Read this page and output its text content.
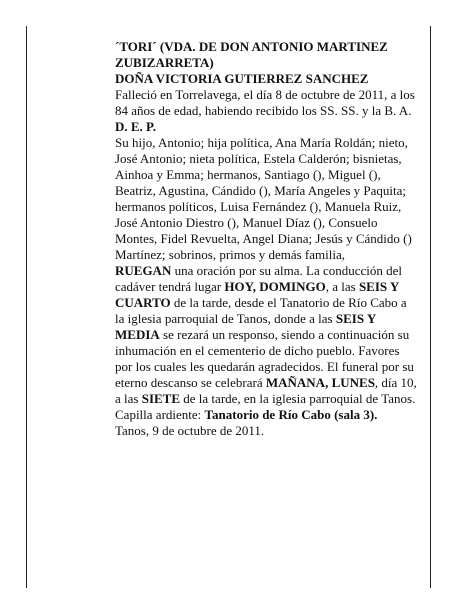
´TORI´ (VDA. DE DON ANTONIO MARTINEZ ZUBIZARRETA)

DOÑA VICTORIA GUTIERREZ SANCHEZ

Falleció en Torrelavega, el día 8 de octubre de 2011, a los 84 años de edad, habiendo recibido los SS. SS. y la B. A.

D. E. P.

Su hijo, Antonio; hija política, Ana María Roldán; nieto, José Antonio; nieta política, Estela Calderón; bisnietas, Ainhoa y Emma; hermanos, Santiago (), Miguel (), Beatriz, Agustina, Cándido (), María Angeles y Paquita; hermanos políticos, Luisa Fernández (), Manuela Ruiz, José Antonio Diestro (), Manuel Díaz (), Consuelo Montes, Fidel Revuelta, Angel Diana; Jesús y Cándido () Martínez; sobrinos, primos y demás familia,

RUEGAN una oración por su alma. La conducción del cadáver tendrá lugar HOY, DOMINGO, a las SEIS Y CUARTO de la tarde, desde el Tanatorio de Río Cabo a la iglesia parroquial de Tanos, donde a las SEIS Y MEDIA se rezará un responso, siendo a continuación su inhumación en el cementerio de dicho pueblo. Favores por los cuales les quedarán agradecidos. El funeral por su eterno descanso se celebrará MAÑANA, LUNES, día 10, a las SIETE de la tarde, en la iglesia parroquial de Tanos. Capilla ardiente: Tanatorio de Río Cabo (sala 3).

Tanos, 9 de octubre de 2011.
